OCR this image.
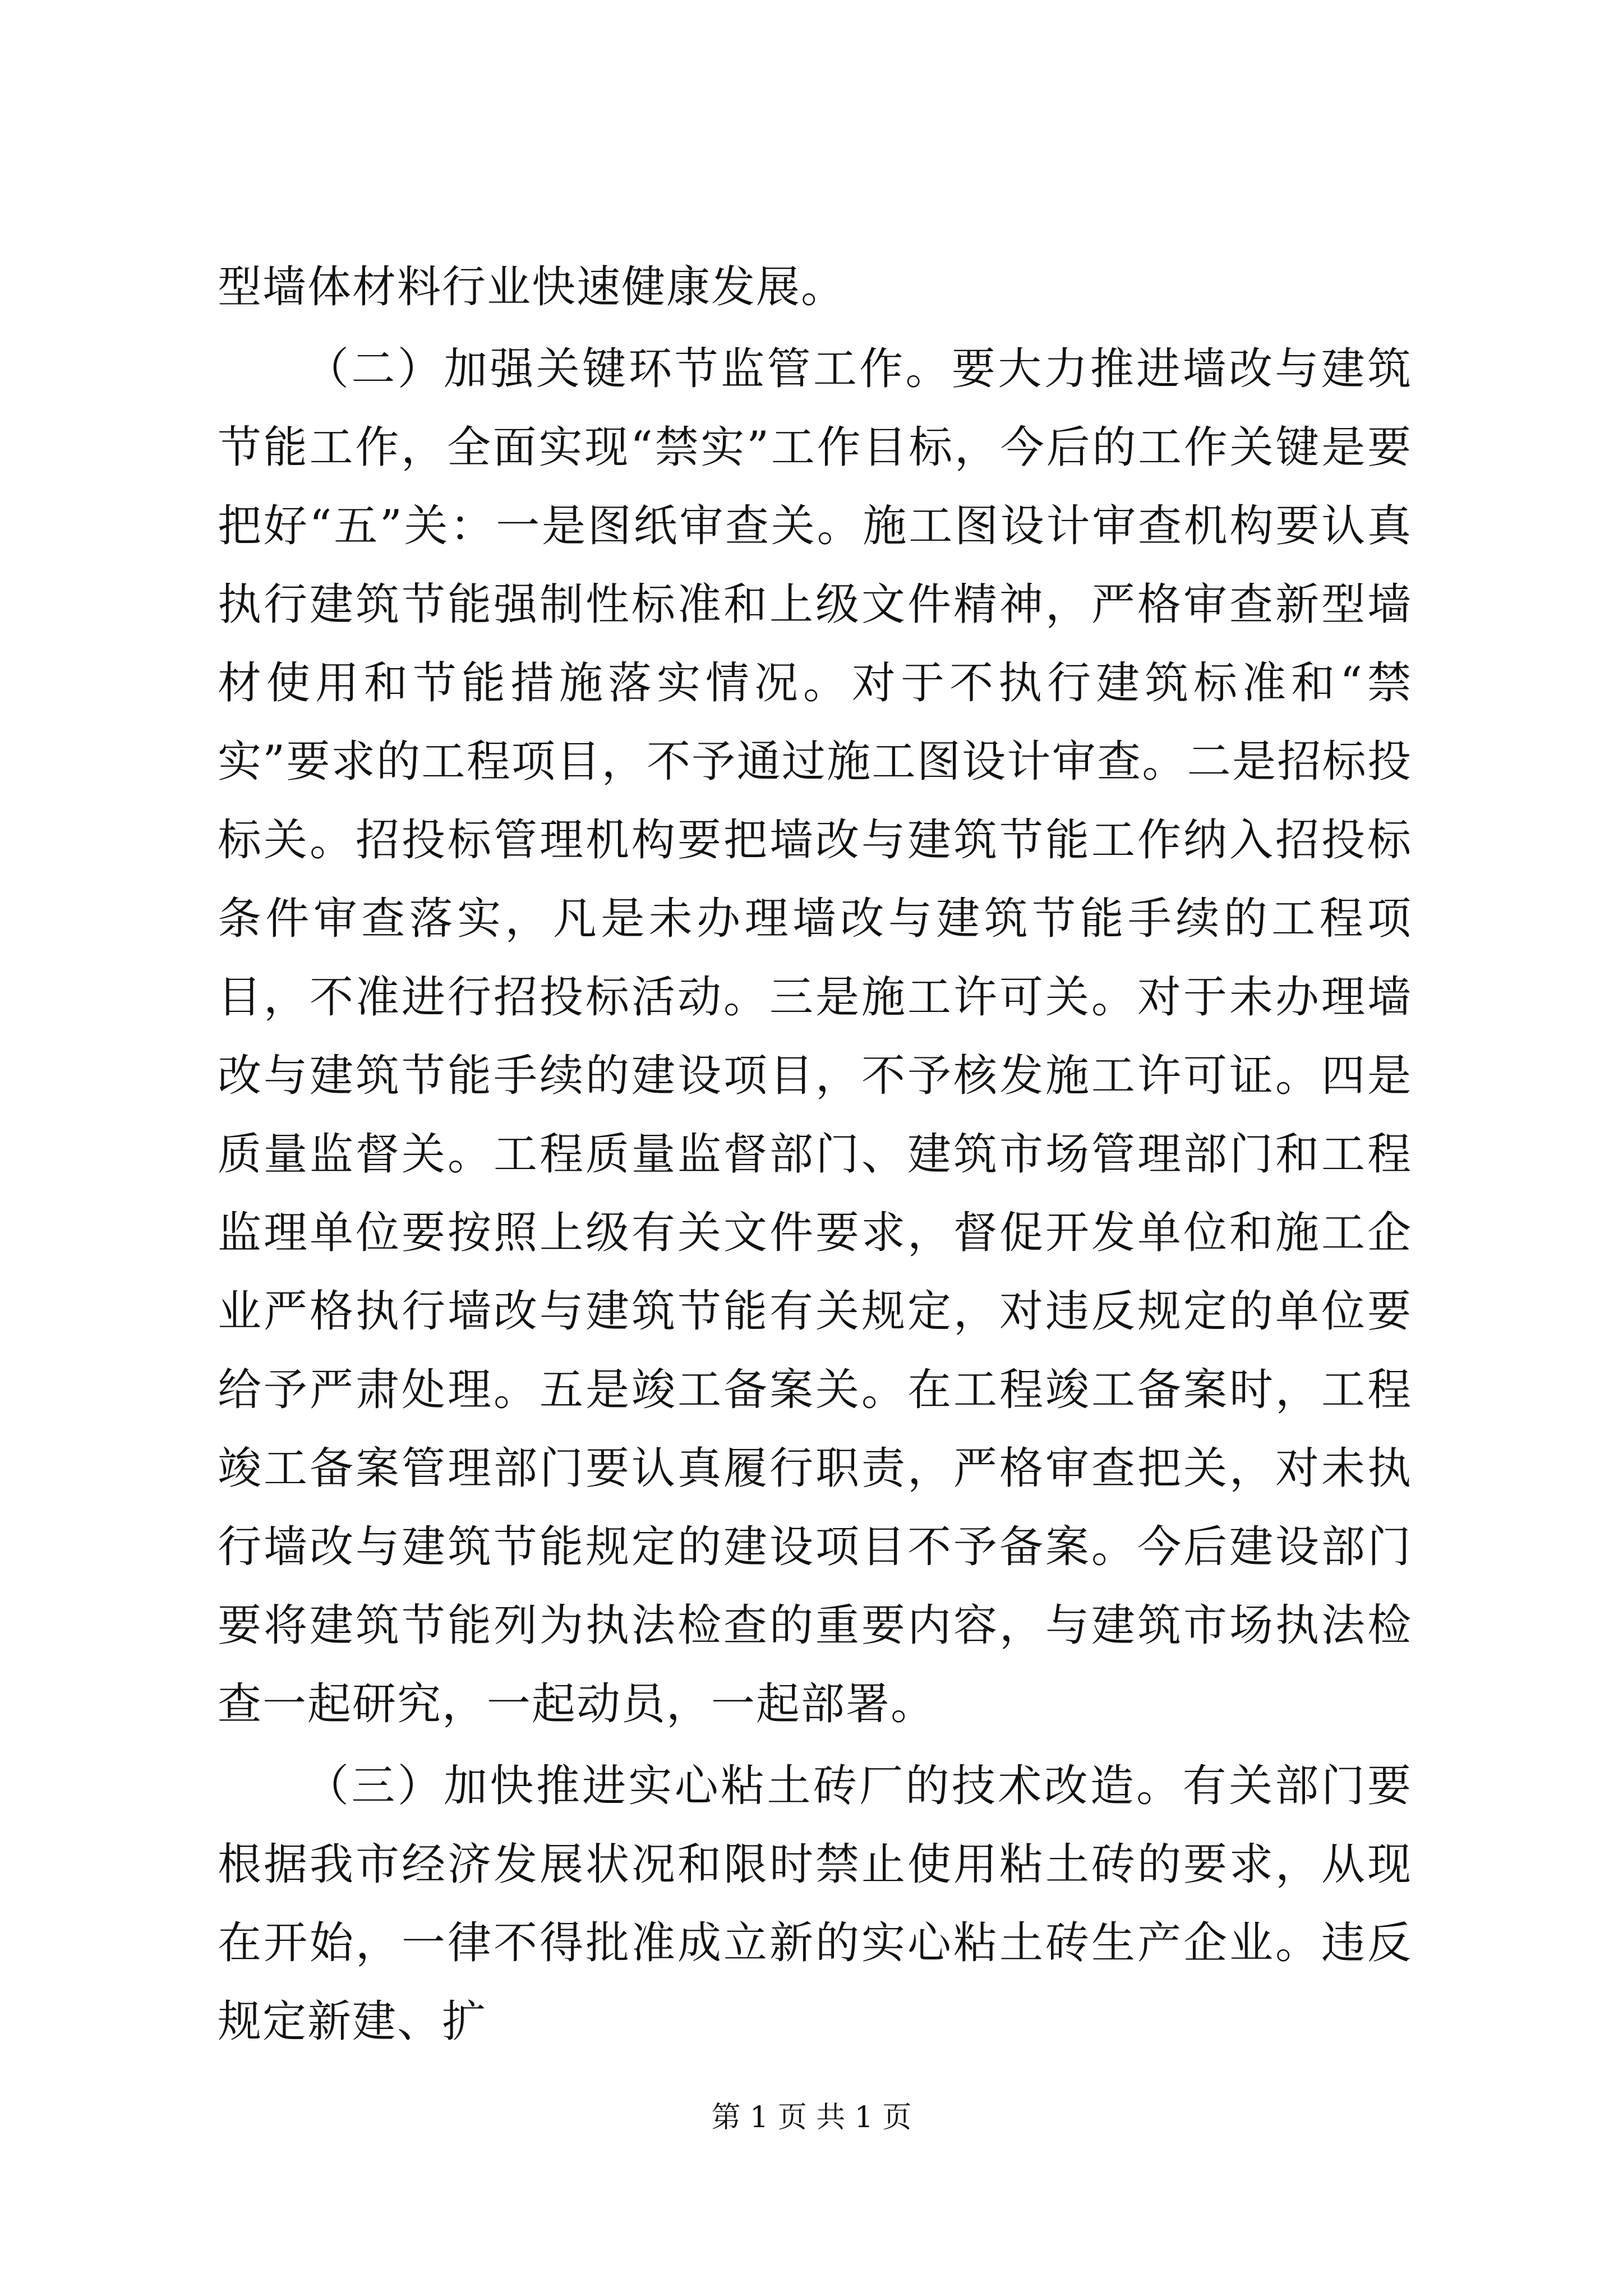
型墙体材料行业快速健康发展。

（二）加强关键环节监管工作。要大力推进墙改与建筑节能工作，全面实现“禁实”工作目标，今后的工作关键是要把好“五”关：一是图纸审查关。施工图设计审查机构要认真执行建筑节能强制性标准和上级文件精神，严格审查新型墙材使用和节能措施落实情况。对于不执行建筑标准和“禁实”要求的工程项目，不予通过施工图设计审查。二是招标投标关。招投标管理机构要把墙改与建筑节能工作纳入招投标条件审查落实，凡是未办理墙改与建筑节能手续的工程项目，不准进行招投标活动。三是施工许可关。对于未办理墙改与建筑节能手续的建设项目，不予核发施工许可证。四是质量监督关。工程质量监督部门、建筑市场管理部门和工程监理单位要按照上级有关文件要求，督促开发单位和施工企业严格执行墙改与建筑节能有关规定，对违反规定的单位要给予严肃处理。五是竣工备案关。在工程竣工备案时，工程竣工备案管理部门要认真履行职责，严格审查把关，对未执行墙改与建筑节能规定的建设项目不予备案。今后建设部门要将建筑节能列为执法检查的重要内容，与建筑市场执法检查一起研究，一起动员，一起部署。

（三）加快推进实心粘土砖厂的技术改造。有关部门要根据我市经济发展状况和限时禁止使用粘土砖的要求，从现在开始，一律不得批准成立新的实心粘土砖生产企业。违反规定新建、扩

第 1 页 共 1 页
